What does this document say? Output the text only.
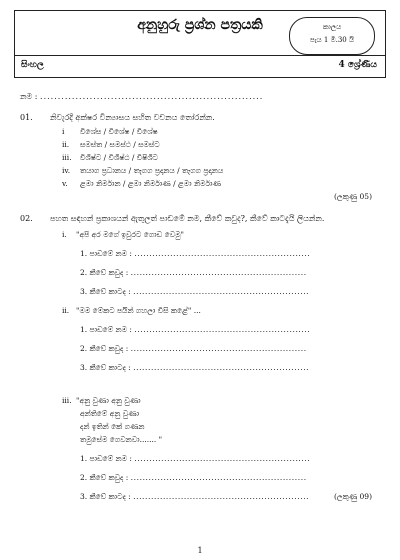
අනුහුරු ප්‍රශ්න පත්‍රයකි	කාලය
පැය 1 මි.30 යි
සිංහල	4 ශ්‍රේණිය
නම : ...............................................................
01. නිවැරදි අක්ෂර වින්‍යාසය සහිත වචනය තෝරන්න.
i විශේස / විශේෂ / විශේෂ
ii. සමස්ත / සමස්ථ / සමස්ට
iii. විශිෂ්ට / විශිෂ්ඨ / විෂිශිට
iv. තයාග ප්‍රධානය / තෑගග ප්‍රදානය / තෑගග ප්‍රදානය
v. ළමා නිර්මාන / ළමා නිර්මාණ / ළමා නිර්මාණ
(ලකුණු 05)
02. පහත සඳහන් ප්‍රකාශයන් ඇතුලත් පාඩමේ නම, කීවේ කවුද?, කීවේ කාටදැයි ලියන්න.
i. "අපි අර මගේ ඉවුරට ගොඩ වෙමු"
1. පාඩමේ නම : ...........................................................
2. කීවේ කවුද : ...........................................................
3. කීවේ කාටද : ...........................................................
ii. "මම මේකට පයින් ගහලා විසි කළේ" ...
1. පාඩමේ නම : ...........................................................
2. කීවේ කවුද : ...........................................................
3. කීවේ කාටද : ...........................................................
iii. "අනු වුණා අනු වුණා
අන්තිමේ අනු වුණා
දන් ඉතින් කේ ගණන
තමුසේම ගෙවනවා....... "
1. පාඩමේ නම : ...........................................................
2. කීවේ කවුද : ...........................................................
3. කීවේ කාටද : ...........................................................	(ලකුණු 09)
1
